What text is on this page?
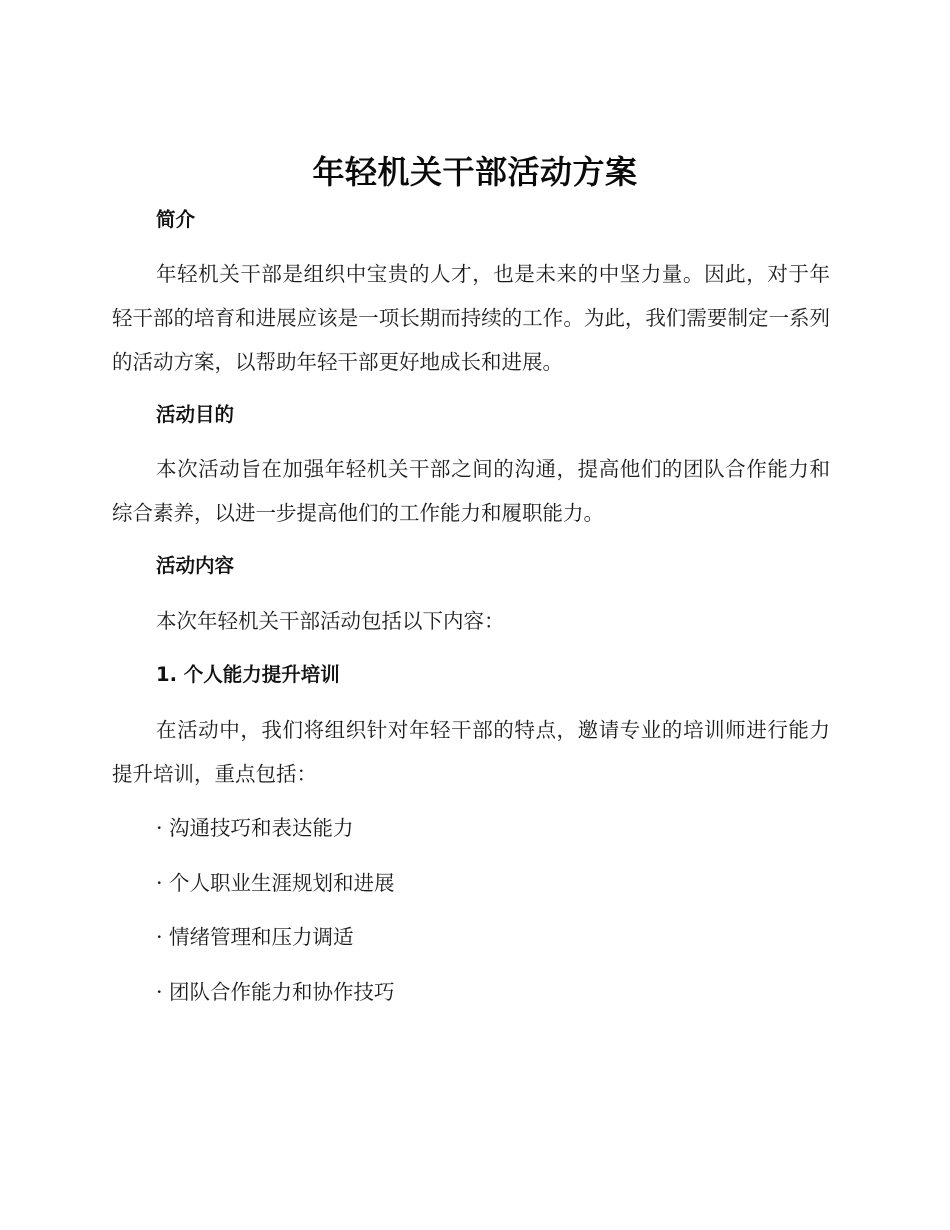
年轻机关干部活动方案
简介
年轻机关干部是组织中宝贵的人才，也是未来的中坚力量。因此，对于年轻干部的培育和进展应该是一项长期而持续的工作。为此，我们需要制定一系列的活动方案，以帮助年轻干部更好地成长和进展。
活动目的
本次活动旨在加强年轻机关干部之间的沟通，提高他们的团队合作能力和综合素养，以进一步提高他们的工作能力和履职能力。
活动内容
本次年轻机关干部活动包括以下内容：
1. 个人能力提升培训
在活动中，我们将组织针对年轻干部的特点，邀请专业的培训师进行能力提升培训，重点包括：
· 沟通技巧和表达能力
· 个人职业生涯规划和进展
· 情绪管理和压力调适
· 团队合作能力和协作技巧
